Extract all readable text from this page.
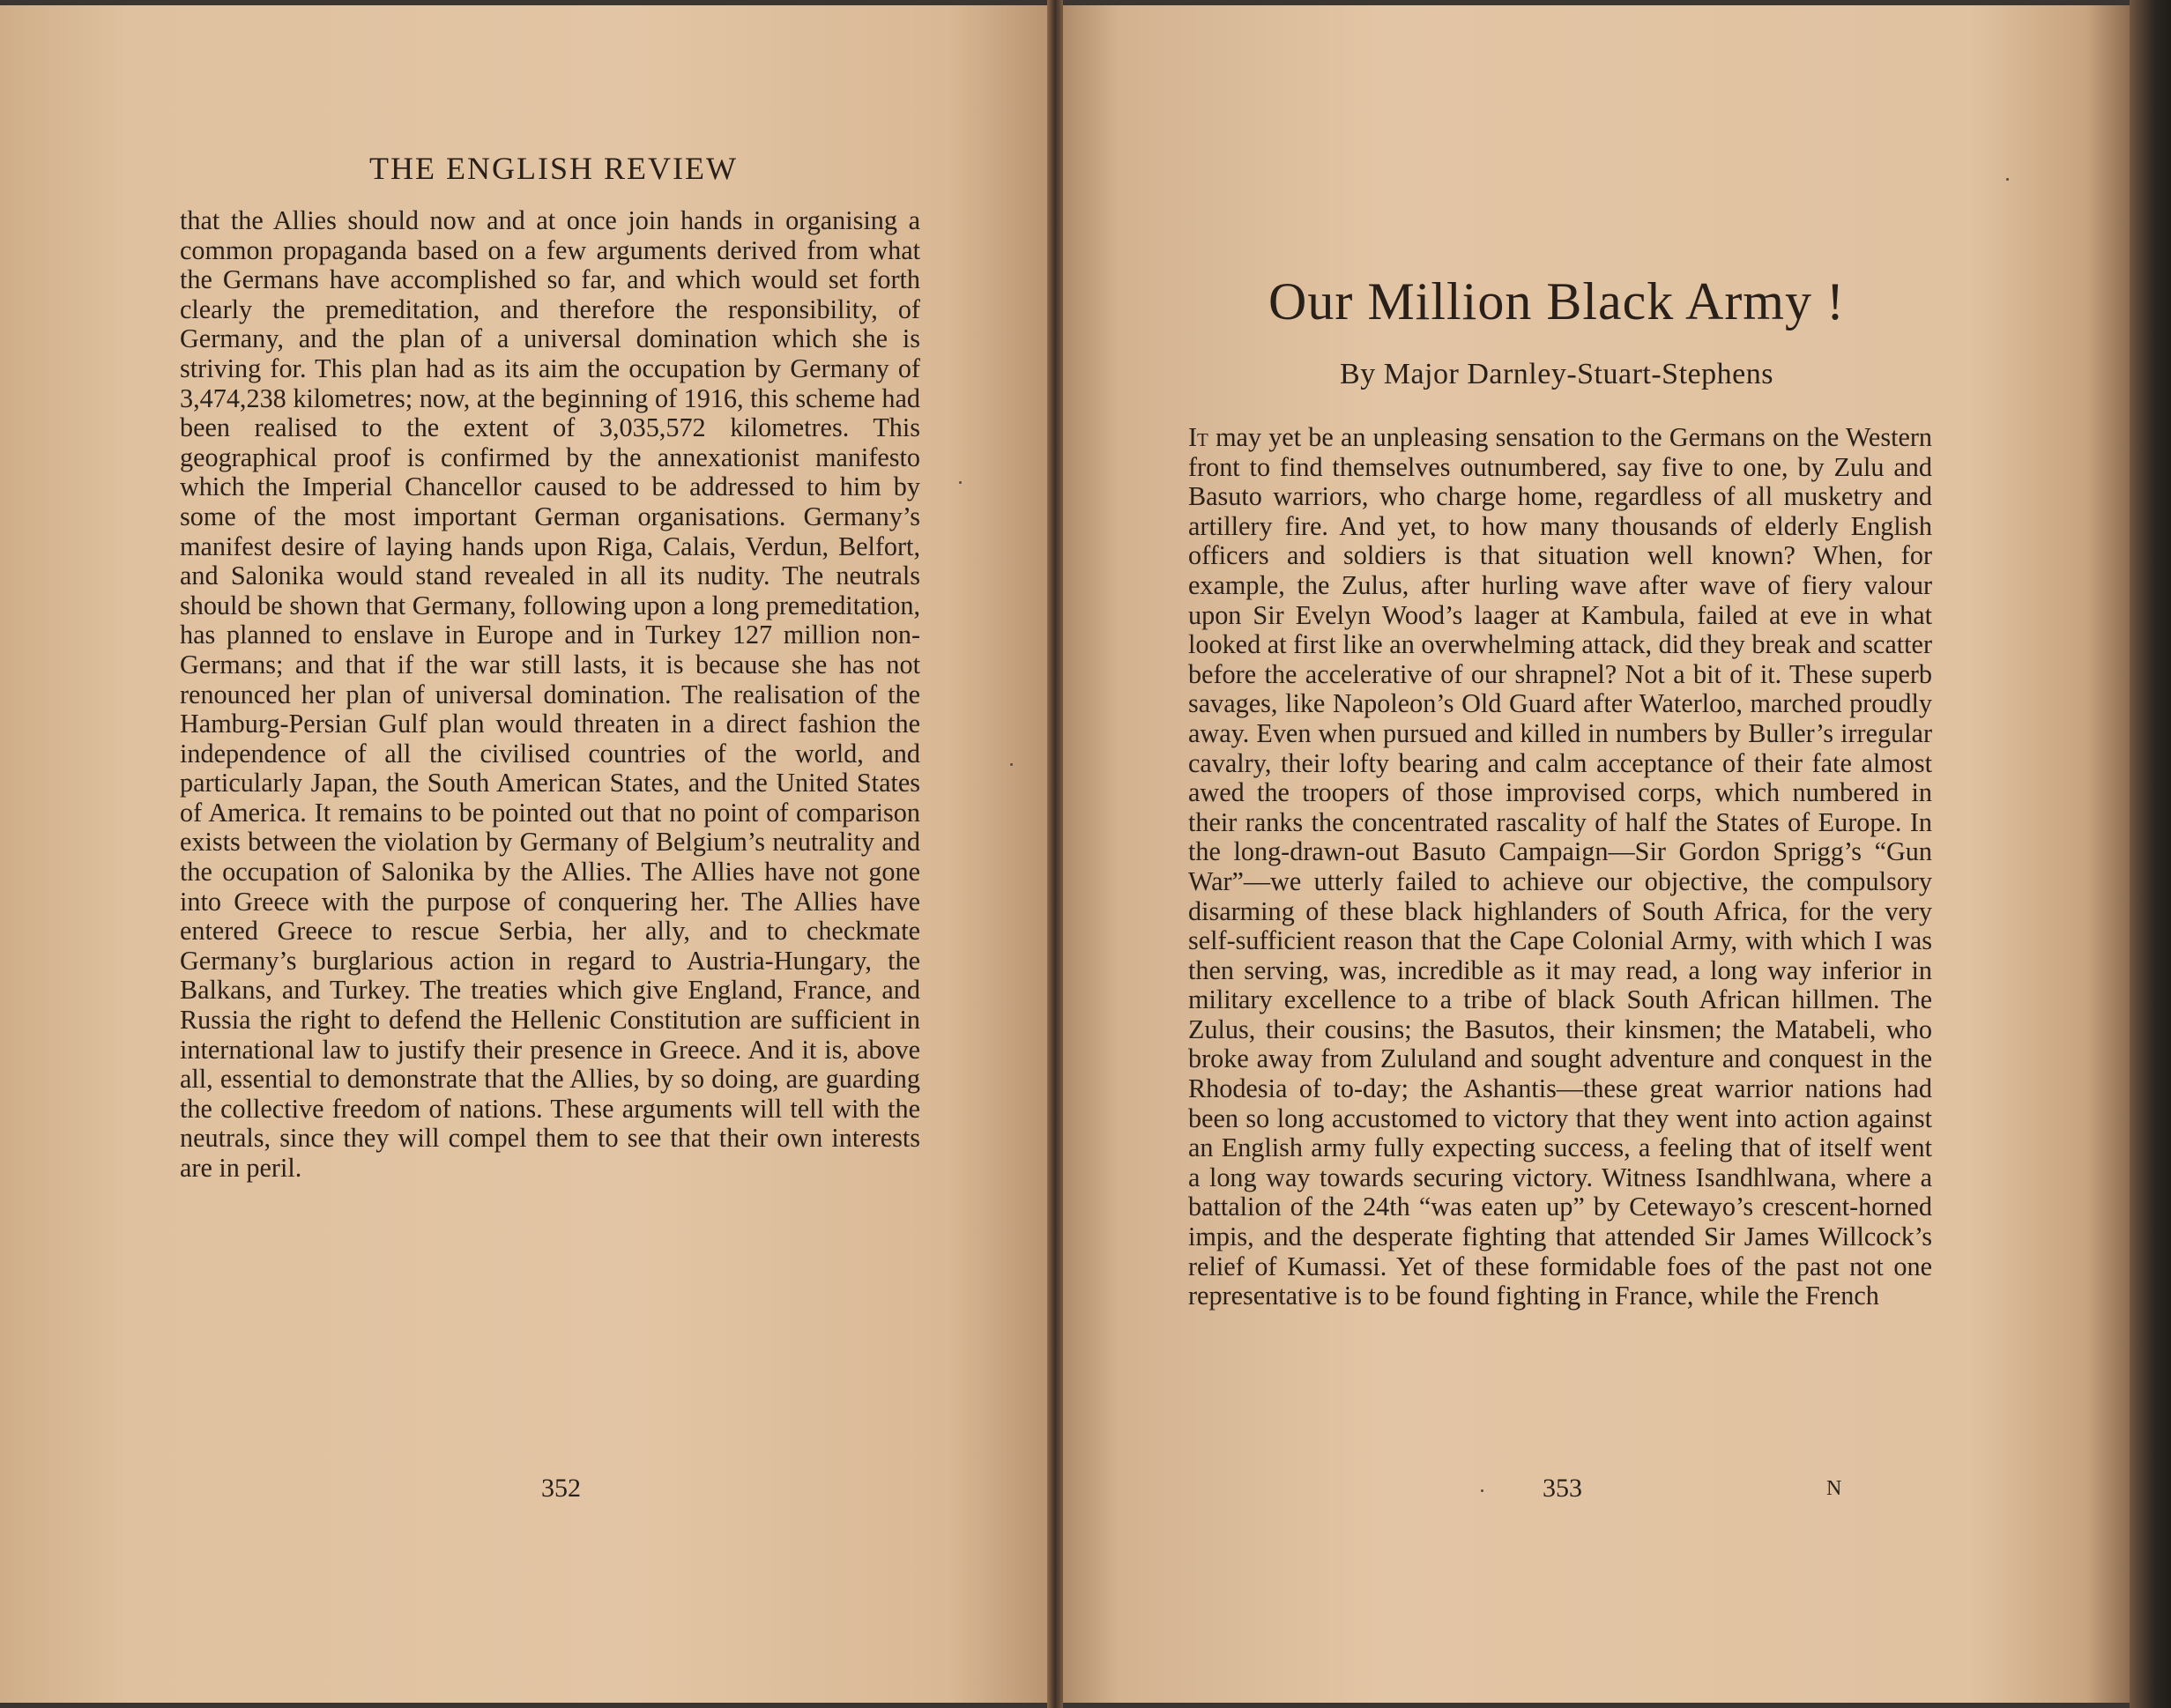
THE ENGLISH REVIEW

that the Allies should now and at once join hands in organising a common propaganda based on a few arguments derived from what the Germans have accomplished so far, and which would set forth clearly the premeditation, and therefore the responsibility, of Germany, and the plan of a universal domination which she is striving for. This plan had as its aim the occupation by Germany of 3,474,238 kilometres; now, at the beginning of 1916, this scheme had been realised to the extent of 3,035,572 kilometres. This geographical proof is confirmed by the annexationist manifesto which the Imperial Chancellor caused to be addressed to him by some of the most important German organisations. Germany’s manifest desire of laying hands upon Riga, Calais, Verdun, Belfort, and Salonika would stand revealed in all its nudity. The neutrals should be shown that Germany, following upon a long premeditation, has planned to enslave in Europe and in Turkey 127 million non-Germans; and that if the war still lasts, it is because she has not renounced her plan of universal domination. The realisation of the Hamburg-Persian Gulf plan would threaten in a direct fashion the independence of all the civilised countries of the world, and particularly Japan, the South American States, and the United States of America. It remains to be pointed out that no point of comparison exists between the violation by Germany of Belgium’s neutrality and the occupation of Salonika by the Allies. The Allies have not gone into Greece with the purpose of conquering her. The Allies have entered Greece to rescue Serbia, her ally, and to checkmate Germany’s burglarious action in regard to Austria-Hungary, the Balkans, and Turkey. The treaties which give England, France, and Russia the right to defend the Hellenic Constitution are sufficient in international law to justify their presence in Greece. And it is, above all, essential to demonstrate that the Allies, by so doing, are guarding the collective freedom of nations. These arguments will tell with the neutrals, since they will compel them to see that their own interests are in peril.

352
Our Million Black Army !
By Major Darnley-Stuart-Stephens

It may yet be an unpleasing sensation to the Germans on the Western front to find themselves outnumbered, say five to one, by Zulu and Basuto warriors, who charge home, regardless of all musketry and artillery fire. And yet, to how many thousands of elderly English officers and soldiers is that situation well known? When, for example, the Zulus, after hurling wave after wave of fiery valour upon Sir Evelyn Wood’s laager at Kambula, failed at eve in what looked at first like an overwhelming attack, did they break and scatter before the accelerative of our shrapnel? Not a bit of it. These superb savages, like Napoleon’s Old Guard after Waterloo, marched proudly away. Even when pursued and killed in numbers by Buller’s irregular cavalry, their lofty bearing and calm acceptance of their fate almost awed the troopers of those improvised corps, which numbered in their ranks the concentrated rascality of half the States of Europe. In the long-drawn-out Basuto Campaign—Sir Gordon Sprigg’s “Gun War”—we utterly failed to achieve our objective, the compulsory disarming of these black highlanders of South Africa, for the very self-sufficient reason that the Cape Colonial Army, with which I was then serving, was, incredible as it may read, a long way inferior in military excellence to a tribe of black South African hillmen. The Zulus, their cousins; the Basutos, their kinsmen; the Matabeli, who broke away from Zululand and sought adventure and conquest in the Rhodesia of to-day; the Ashantis—these great warrior nations had been so long accustomed to victory that they went into action against an English army fully expecting success, a feeling that of itself went a long way towards securing victory. Witness Isandhlwana, where a battalion of the 24th “was eaten up” by Cetewayo’s crescent-horned impis, and the desperate fighting that attended Sir James Willcock’s relief of Kumassi. Yet of these formidable foes of the past not one representative is to be found fighting in France, while the French

353	N
